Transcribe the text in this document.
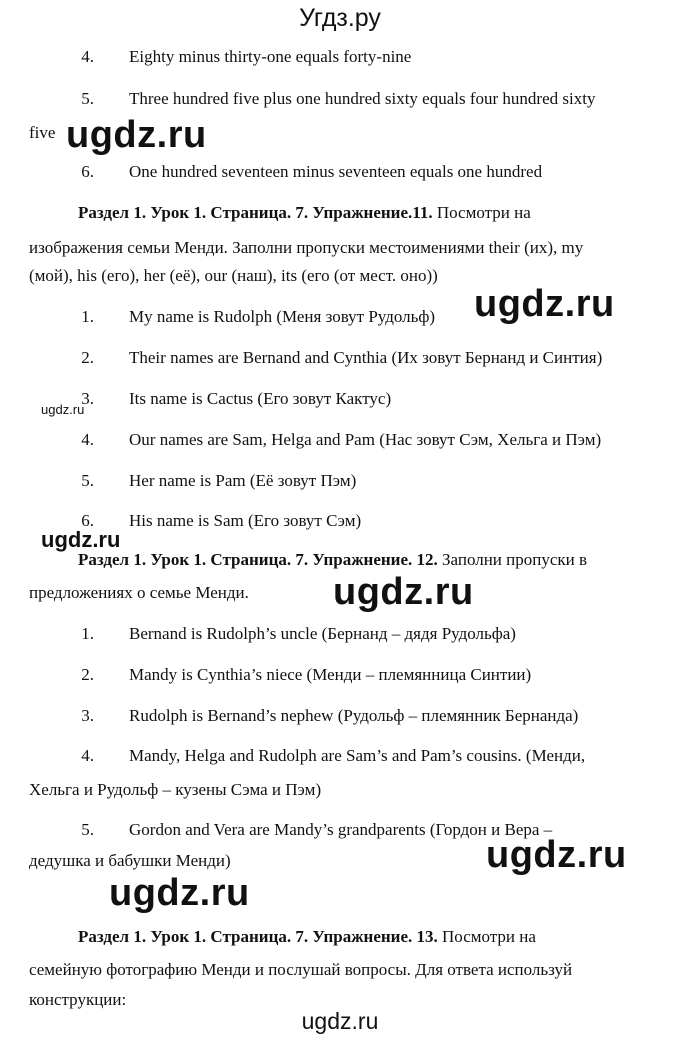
Угдз.ру
4. Eighty minus thirty-one equals forty-nine
5. Three hundred five plus one hundred sixty equals four hundred sixty
five
6. One hundred seventeen minus seventeen equals one hundred
Раздел 1. Урок 1. Страница. 7. Упражнение.11. Посмотри на
изображения семьи Менди. Заполни пропуски местоимениями their (их), my
(мой), his (его), her (её), our (наш), its (его (от мест. оно))
1. My name is Rudolph (Меня зовут Рудольф)
2. Their names are Bernand and Cynthia (Их зовут Бернанд и Синтия)
3. Its name is Cactus (Его зовут Кактус)
4. Our names are Sam, Helga and Pam (Нас зовут Сэм, Хельга и Пэм)
5. Her name is Pam (Её зовут Пэм)
6. His name is Sam (Его зовут Сэм)
Раздел 1. Урок 1. Страница. 7. Упражнение. 12. Заполни пропуски в
предложениях о семье Менди.
1. Bernand is Rudolph’s uncle (Бернанд – дядя Рудольфа)
2. Mandy is Cynthia’s niece (Менди – племянница Синтии)
3. Rudolph is Bernand’s nephew (Рудольф – племянник Бернанда)
4. Mandy, Helga and Rudolph are Sam’s and Pam’s cousins. (Менди,
Хельга и Рудольф – кузены Сэма и Пэм)
5. Gordon and Vera are Mandy’s grandparents (Гордон и Вера –
дедушка и бабушки Менди)
Раздел 1. Урок 1. Страница. 7. Упражнение. 13. Посмотри на
семейную фотографию Менди и послушай вопросы. Для ответа используй
конструкции:
ugdz.ru
ugdz.ru
ugdz.ru
ugdz.ru
ugdz.ru
ugdz.ru
ugdz.ru
ugdz.ru
